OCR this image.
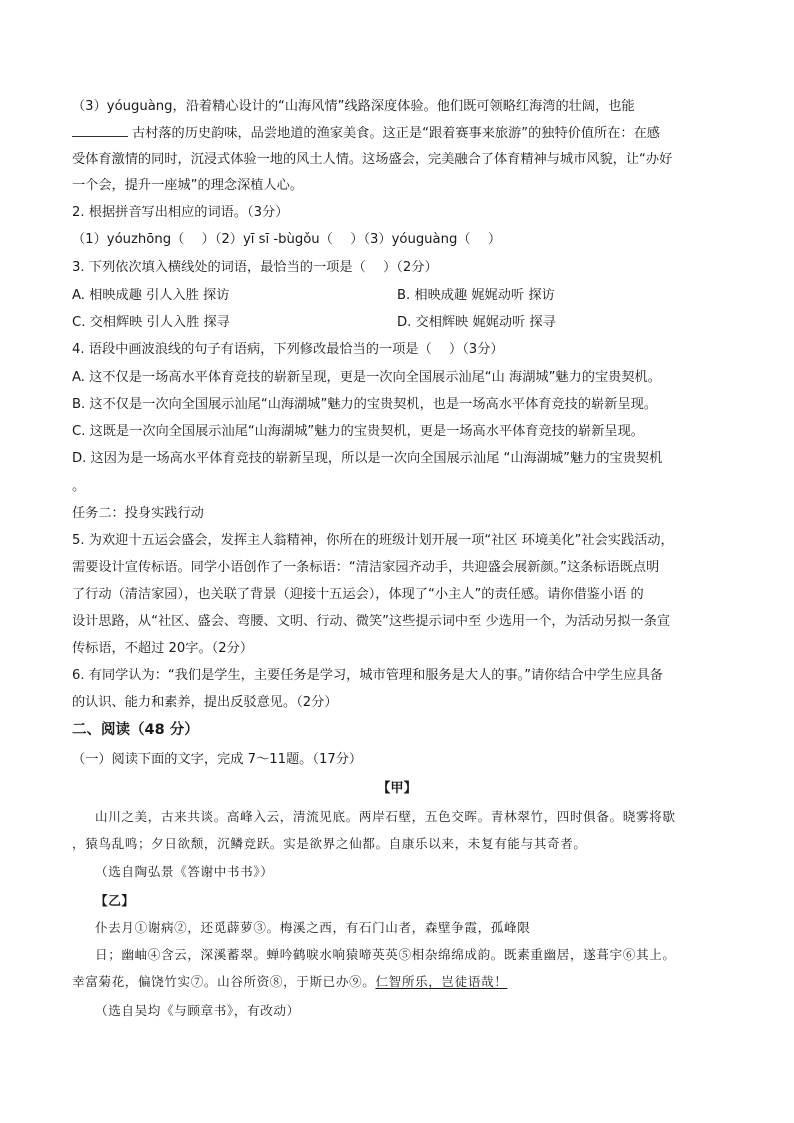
（3）yóuguàng，沿着精心设计的“山海风情”线路深度体验。他们既可领略红海湾的壮阔，也能
古村落的历史韵味，品尝地道的渔家美食。这正是“跟着赛事来旅游”的独特价值所在：在感
受体育激情的同时，沉浸式体验一地的风土人情。这场盛会，完美融合了体育精神与城市风貌，让“办好
一个会，提升一座城”的理念深植人心。
2. 根据拼音写出相应的词语。（3分）
（1）yóuzhōng（　 ）（2）yī sī -bùgǒu（　 ）（3）yóuguàng（　 ）
3. 下列依次填入横线处的词语，最恰当的一项是（　 ）（2分）
A. 相映成趣 引人入胜 探访	B. 相映成趣 娓娓动听 探访
C. 交相辉映 引人入胜 探寻	D. 交相辉映 娓娓动听 探寻
4. 语段中画波浪线的句子有语病，下列修改最恰当的一项是（　 ）（3分）
A. 这不仅是一场高水平体育竞技的崭新呈现，更是一次向全国展示汕尾“山 海湖城”魅力的宝贵契机。
B. 这不仅是一次向全国展示汕尾“山海湖城”魅力的宝贵契机，也是一场高水平体育竞技的崭新呈现。
C. 这既是一次向全国展示汕尾“山海湖城”魅力的宝贵契机，更是一场高水平体育竞技的崭新呈现。
D. 这因为是一场高水平体育竞技的崭新呈现，所以是一次向全国展示汕尾 “山海湖城”魅力的宝贵契机
。
任务二：投身实践行动
5. 为欢迎十五运会盛会，发挥主人翁精神，你所在的班级计划开展一项“社区 环境美化”社会实践活动，
需要设计宣传标语。同学小语创作了一条标语：“清洁家园齐动手，共迎盛会展新颜。”这条标语既点明
了行动（清洁家园），也关联了背景（迎接十五运会），体现了“小主人”的责任感。请你借鉴小语 的
设计思路，从“社区、盛会、弯腰、文明、行动、微笑”这些提示词中至 少选用一个，为活动另拟一条宣
传标语，不超过 20字。（2分）
6. 有同学认为：“我们是学生，主要任务是学习，城市管理和服务是大人的事。”请你结合中学生应具备
的认识、能力和素养，提出反驳意见。（2分）
二、阅读（48 分）
（一）阅读下面的文字，完成 7～11题。（17分）
【甲】
山川之美，古来共谈。高峰入云，清流见底。两岸石壁，五色交晖。青林翠竹，四时俱备。晓雾将歇
，猿鸟乱鸣；夕日欲颓，沉鳞竞跃。实是欲界之仙都。自康乐以来，未复有能与其奇者。
（选自陶弘景《答谢中书书》）
【乙】
仆去月①谢病②，还觅薜萝③。梅溪之西，有石门山者，森壁争霞，孤峰限
日；幽岫④含云，深溪蓄翠。蝉吟鹤唳水响猿啼英英⑤相杂绵绵成韵。既素重幽居，遂葺宇⑥其上。
幸富菊花，偏饶竹实⑦。山谷所资⑧，于斯已办⑨。仁智所乐，岂徒语哉！
（选自吴均《与顾章书》，有改动）
